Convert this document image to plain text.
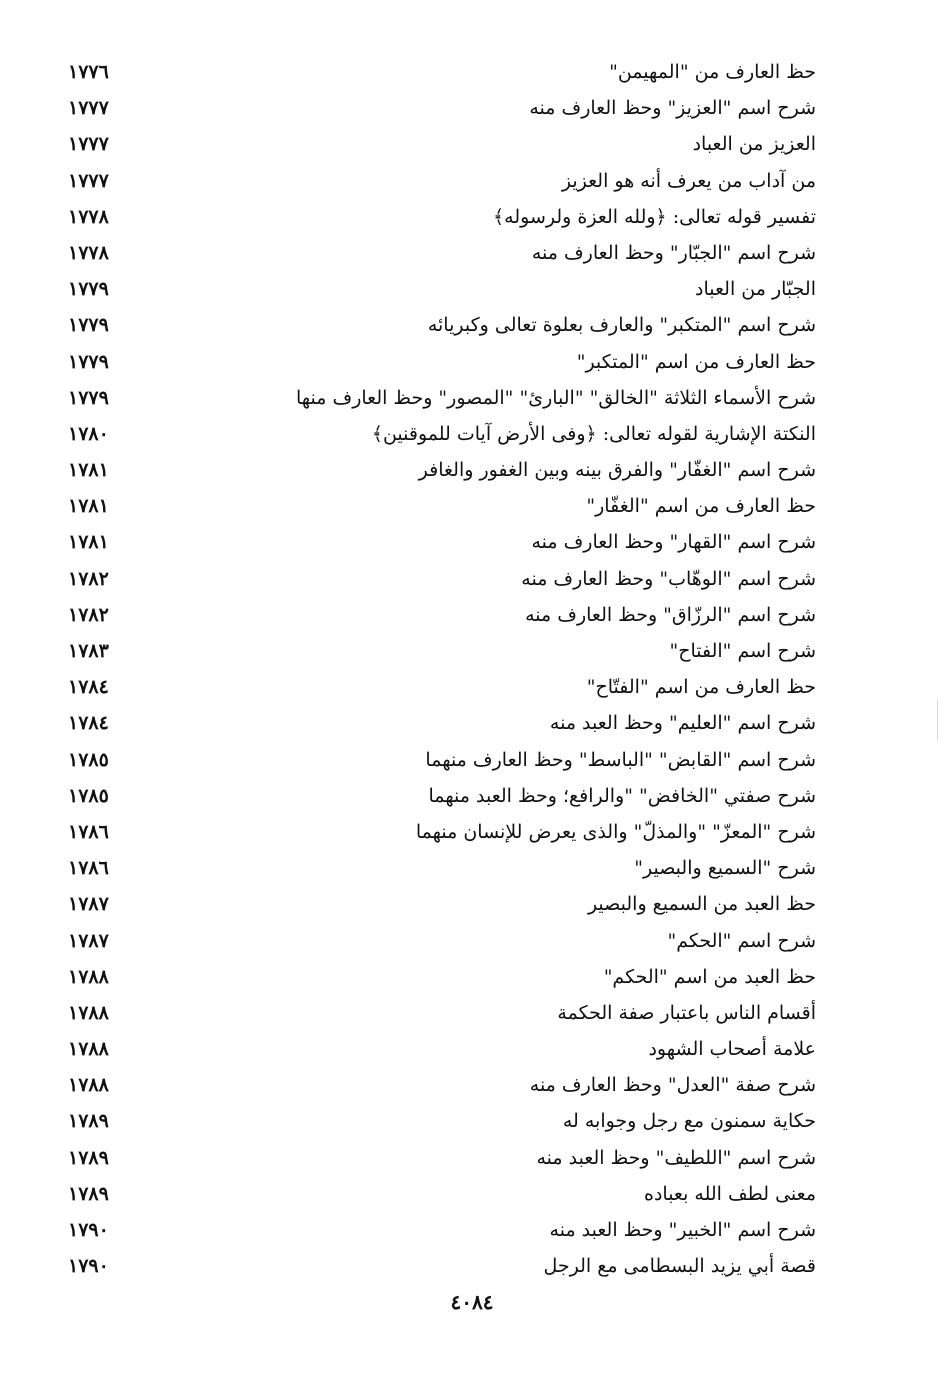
حظ العارف من "المهيمن"
١٧٧٦
شرح اسم "العزيز" وحظ العارف منه
١٧٧٧
العزيز من العباد
١٧٧٧
من آداب من يعرف أنه هو العزيز
١٧٧٧
تفسير قوله تعالى: ﴿ولله العزة ولرسوله﴾
١٧٧٨
شرح اسم "الجبّار" وحظ العارف منه
١٧٧٨
الجبّار من العباد
١٧٧٩
شرح اسم "المتكبر" والعارف بعلوة تعالى وكبريائه
١٧٧٩
حظ العارف من اسم "المتكبر"
١٧٧٩
شرح الأسماء الثلاثة "الخالق" "البارئ" "المصور" وحظ العارف منها
١٧٧٩
النكتة الإشارية لقوله تعالى: ﴿وفى الأرض آيات للموقنين﴾
١٧٨٠
شرح اسم "الغفّار" والفرق بينه وبين الغفور والغافر
١٧٨١
حظ العارف من اسم "الغفّار"
١٧٨١
شرح اسم "القهار" وحظ العارف منه
١٧٨١
شرح اسم "الوهّاب" وحظ العارف منه
١٧٨٢
شرح اسم "الرزّاق" وحظ العارف منه
١٧٨٢
شرح اسم "الفتاح"
١٧٨٣
حظ العارف من اسم "الفتّاح"
١٧٨٤
شرح اسم "العليم" وحظ العبد منه
١٧٨٤
شرح اسم "القابض" "الباسط" وحظ العارف منهما
١٧٨٥
شرح صفتي "الخافض" "والرافع؛ وحظ العبد منهما
١٧٨٥
شرح "المعزّ" "والمذلّ" والذى يعرض للإنسان منهما
١٧٨٦
شرح "السميع والبصير"
١٧٨٦
حظ العبد من السميع والبصير
١٧٨٧
شرح اسم "الحكم"
١٧٨٧
حظ العبد من اسم "الحكم"
١٧٨٨
أقسام الناس باعتبار صفة الحكمة
١٧٨٨
علامة أصحاب الشهود
١٧٨٨
شرح صفة "العدل" وحظ العارف منه
١٧٨٨
حكاية سمنون مع رجل وجوابه له
١٧٨٩
شرح اسم "اللطيف" وحظ العبد منه
١٧٨٩
معنى لطف الله بعباده
١٧٨٩
شرح اسم "الخبير" وحظ العبد منه
١٧٩٠
قصة أبي يزيد البسطامى مع الرجل
١٧٩٠
٤٠٨٤
